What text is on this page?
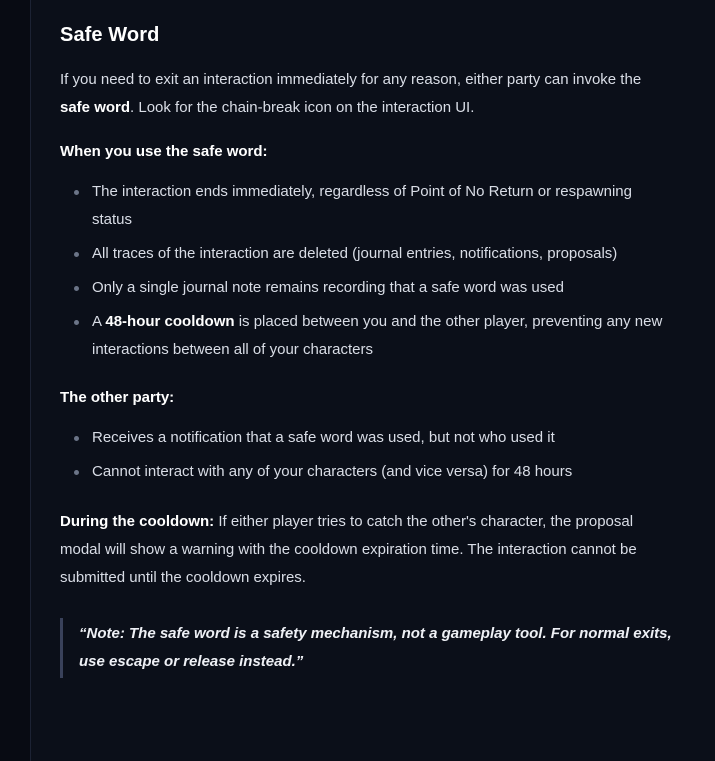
Safe Word

If you need to exit an interaction immediately for any reason, either party can invoke the safe word. Look for the chain-break icon on the interaction UI.

When you use the safe word:
The interaction ends immediately, regardless of Point of No Return or respawning status
All traces of the interaction are deleted (journal entries, notifications, proposals)
Only a single journal note remains recording that a safe word was used
A 48-hour cooldown is placed between you and the other player, preventing any new interactions between all of your characters
The other party:
Receives a notification that a safe word was used, but not who used it
Cannot interact with any of your characters (and vice versa) for 48 hours

During the cooldown: If either player tries to catch the other's character, the proposal modal will show a warning with the cooldown expiration time. The interaction cannot be submitted until the cooldown expires.

“Note: The safe word is a safety mechanism, not a gameplay tool. For normal exits, use escape or release instead.”
